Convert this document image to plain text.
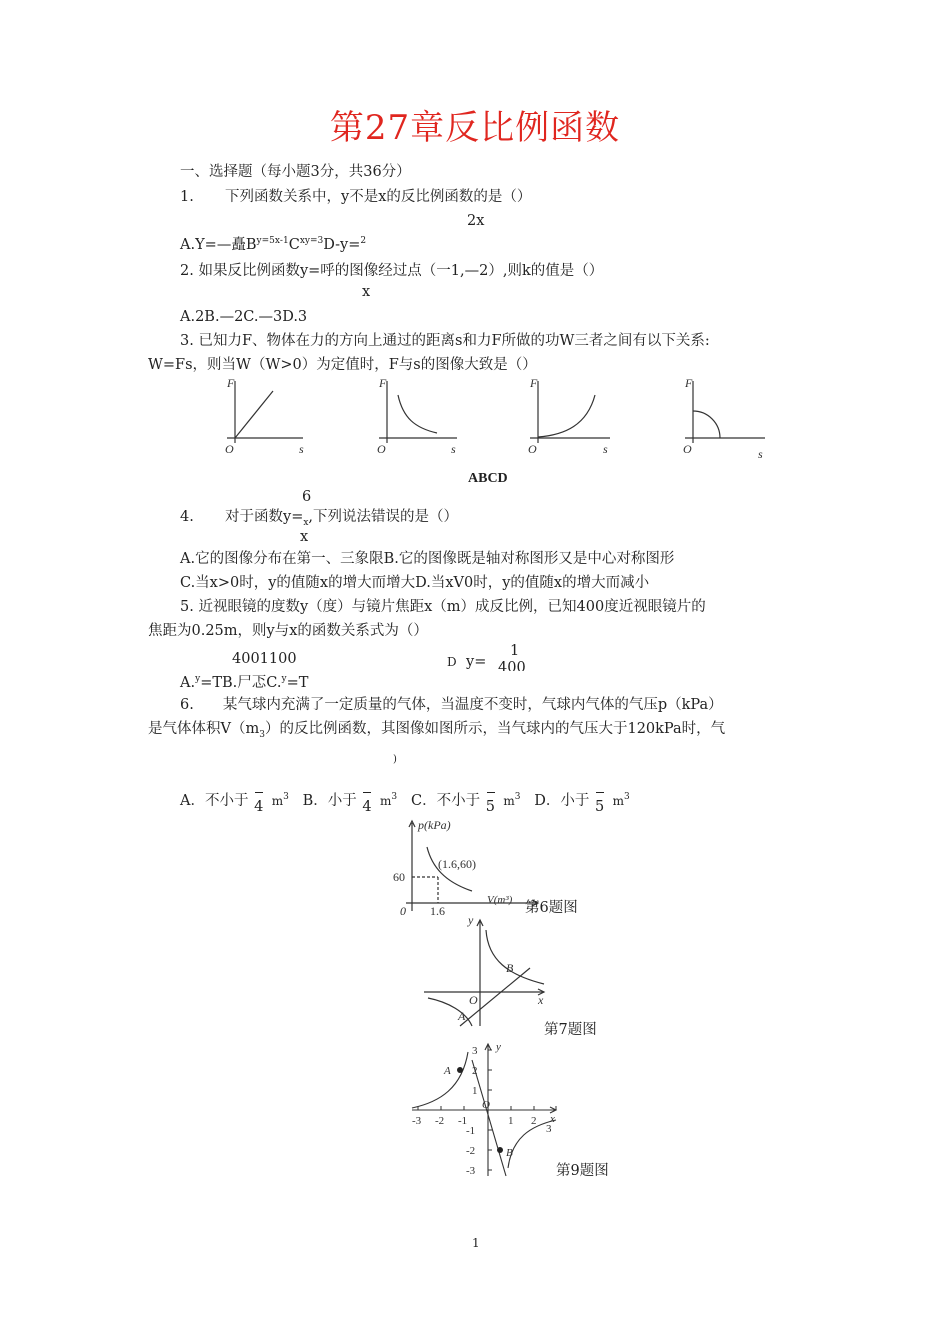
第27章反比例函数
一、选择题（每小题3分，共36分）
1. 下列函数关系中，y不是x的反比例函数的是（）
2x
A.Y=—矗$B^{y=5x-1}C^{xy=3}D-y=^2$
2. 如果反比例函数y=呼的图像经过点（一1,—2）,则k的值是（）
x
A.2B.—2C.—3D.3
3. 已知力F、物体在力的方向上通过的距离s和力F所做的功W三者之间有以下关系:
W=Fs，则当W（W>0）为定值时，F与s的图像大致是（）
F
O	s
F
O	s
F
O	s
F
O	s
ABCD
6
4. 对于函数$y=_x$,下列说法错误的是（）
x
A.它的图像分布在第一、三象限B.它的图像既是轴对称图形又是中心对称图形
C.当x>0时，y的值随x的增大而增大D.当xV0时，y的值随x的增大而减小
5. 近视眼镜的度数y（度）与镜片焦距x（m）成反比例，已知400度近视眼镜片的
焦距为0.25m，则y与x的函数关系式为（）
4001100	1
D y= 400
A.$^y$=TB.尸忑C.$^y$=T
6.　　某气球内充满了一定质量的气体，当温度不变时，气球内气体的气压p（kPa）
是气体体积$V(m_3)$的反比例函数，其图像如图所示，当气球内的气压大于120kPa时，气
)
A．不小于 4 $m^3$ B．小于 4 $m^3$ C．不小于 5 $m^3$ D．小于 5 $m^3$
p(kPa)
V(m³)
(1.6,60)
60
1.6
0	第6题图
y
x
O
A
B
第7题图
y
x
O
A
B
-3 -2 -1	1 2
3
3
2
1
-1
-2
-3	第9题图
1
